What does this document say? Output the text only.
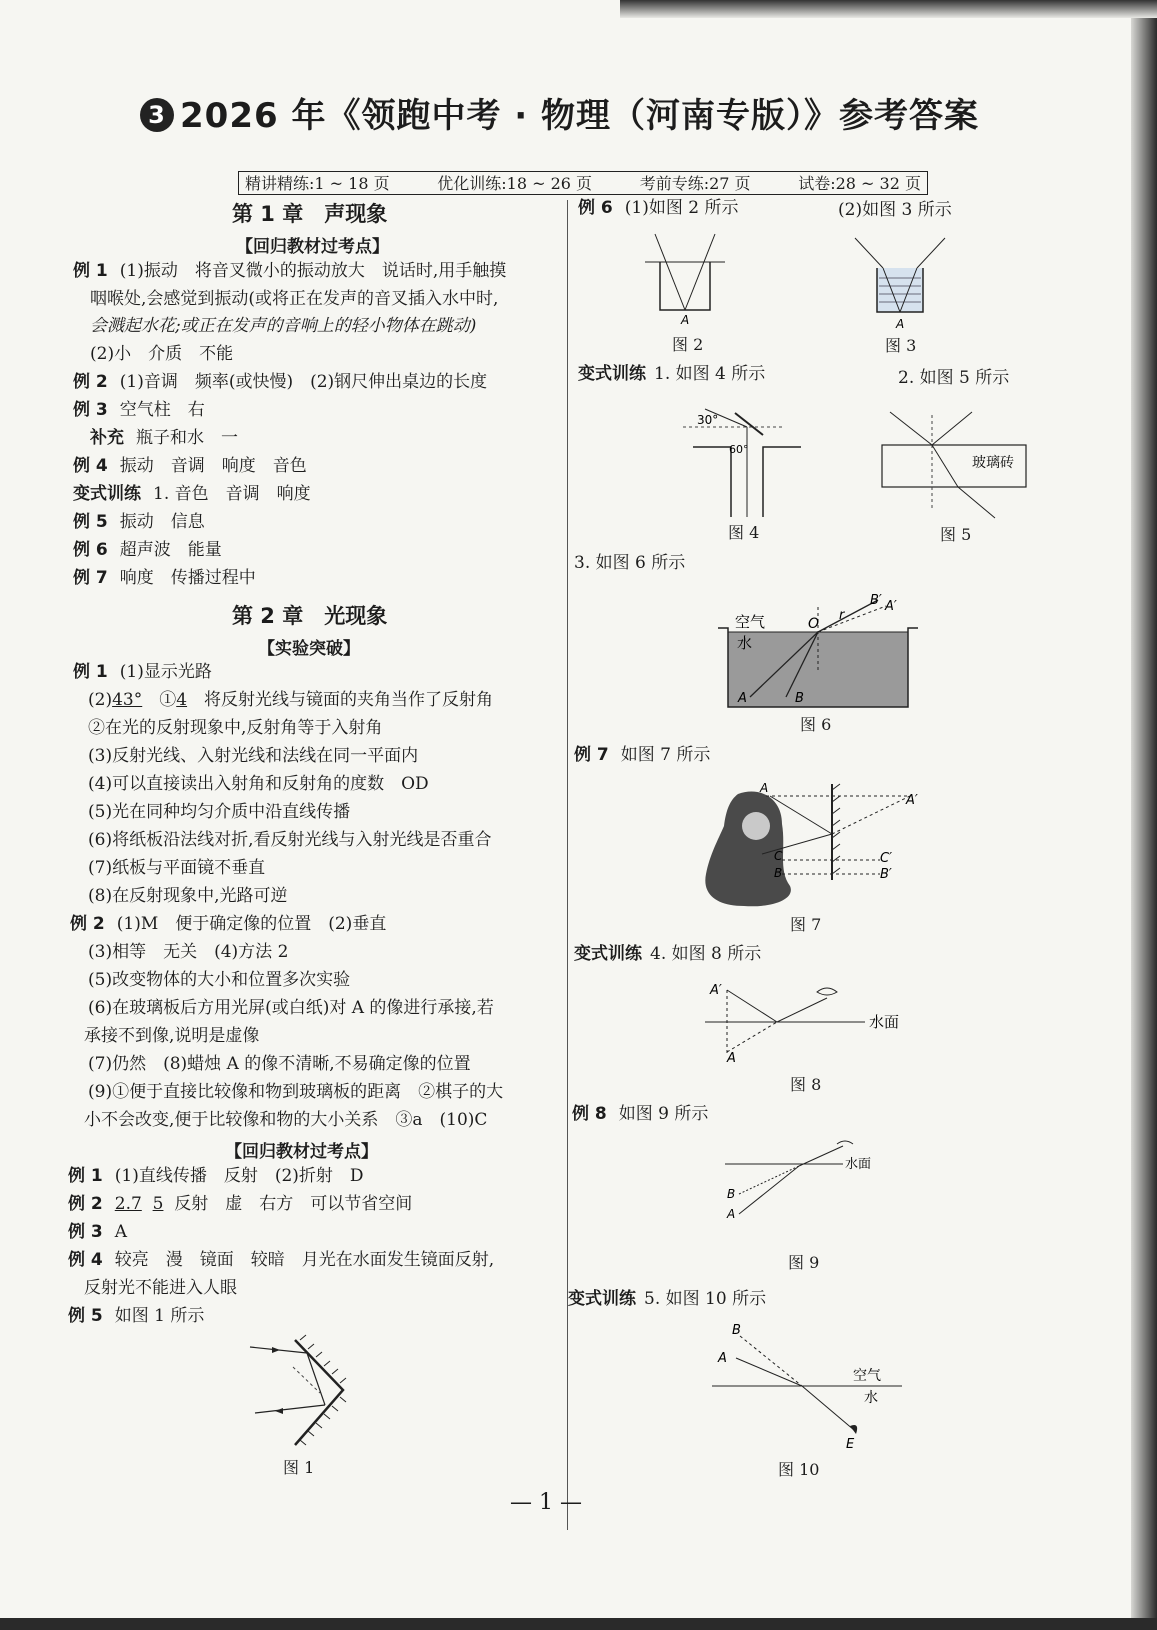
3 2026 年《领跑中考 · 物理（河南专版）》参考答案
精讲精练:1 ~ 18 页	优化训练:18 ~ 26 页	考前专练:27 页	试卷:28 ~ 32 页
第 1 章　声现象
【回归教材过考点】
例 1 (1)振动　将音叉微小的振动放大　说话时,用手触摸
咽喉处,会感觉到振动(或将正在发声的音叉插入水中时,
会溅起水花;或正在发声的音响上的轻小物体在跳动)
(2)小　介质　不能
例 2 (1)音调　频率(或快慢)　(2)钢尺伸出桌边的长度
例 3 空气柱　右
补充 瓶子和水　一
例 4 振动　音调　响度　音色
变式训练 1. 音色　音调　响度
例 5 振动　信息
例 6 超声波　能量
例 7 响度　传播过程中
第 2 章　光现象
【实验突破】
例 1 (1)显示光路
(2)43°　①4　将反射光线与镜面的夹角当作了反射角
②在光的反射现象中,反射角等于入射角
(3)反射光线、入射光线和法线在同一平面内
(4)可以直接读出入射角和反射角的度数　OD
(5)光在同种均匀介质中沿直线传播
(6)将纸板沿法线对折,看反射光线与入射光线是否重合
(7)纸板与平面镜不垂直
(8)在反射现象中,光路可逆
例 2 (1)M　便于确定像的位置　(2)垂直
(3)相等　无关　(4)方法 2
(5)改变物体的大小和位置多次实验
(6)在玻璃板后方用光屏(或白纸)对 A 的像进行承接,若
承接不到像,说明是虚像
(7)仍然　(8)蜡烛 A 的像不清晰,不易确定像的位置
(9)①便于直接比较像和物到玻璃板的距离　②棋子的大
小不会改变,便于比较像和物的大小关系　③a　(10)C
【回归教材过考点】
例 1 (1)直线传播　反射　(2)折射　D
例 2 2.7 5 反射　虚　右方　可以节省空间
例 3 A
例 4 较亮　漫　镜面　较暗　月光在水面发生镜面反射,
反射光不能进入人眼
例 5 如图 1 所示
图 1
例 6 (1)如图 2 所示	(2)如图 3 所示
A
图 2
A
图 3
变式训练 1. 如图 4 所示	2. 如图 5 所示
30°
60°
图 4
玻璃砖
图 5
3. 如图 6 所示
空气
水
O
r
B′ A′
A	B
图 6
例 7 如图 7 所示
A
A′
C
B
C′
B′
图 7
变式训练 4. 如图 8 所示
A′
A
水面
图 8
例 8 如图 9 所示
水面
B
A
图 9
变式训练 5. 如图 10 所示
B
A
空气
水
E
图 10
— 1 —
